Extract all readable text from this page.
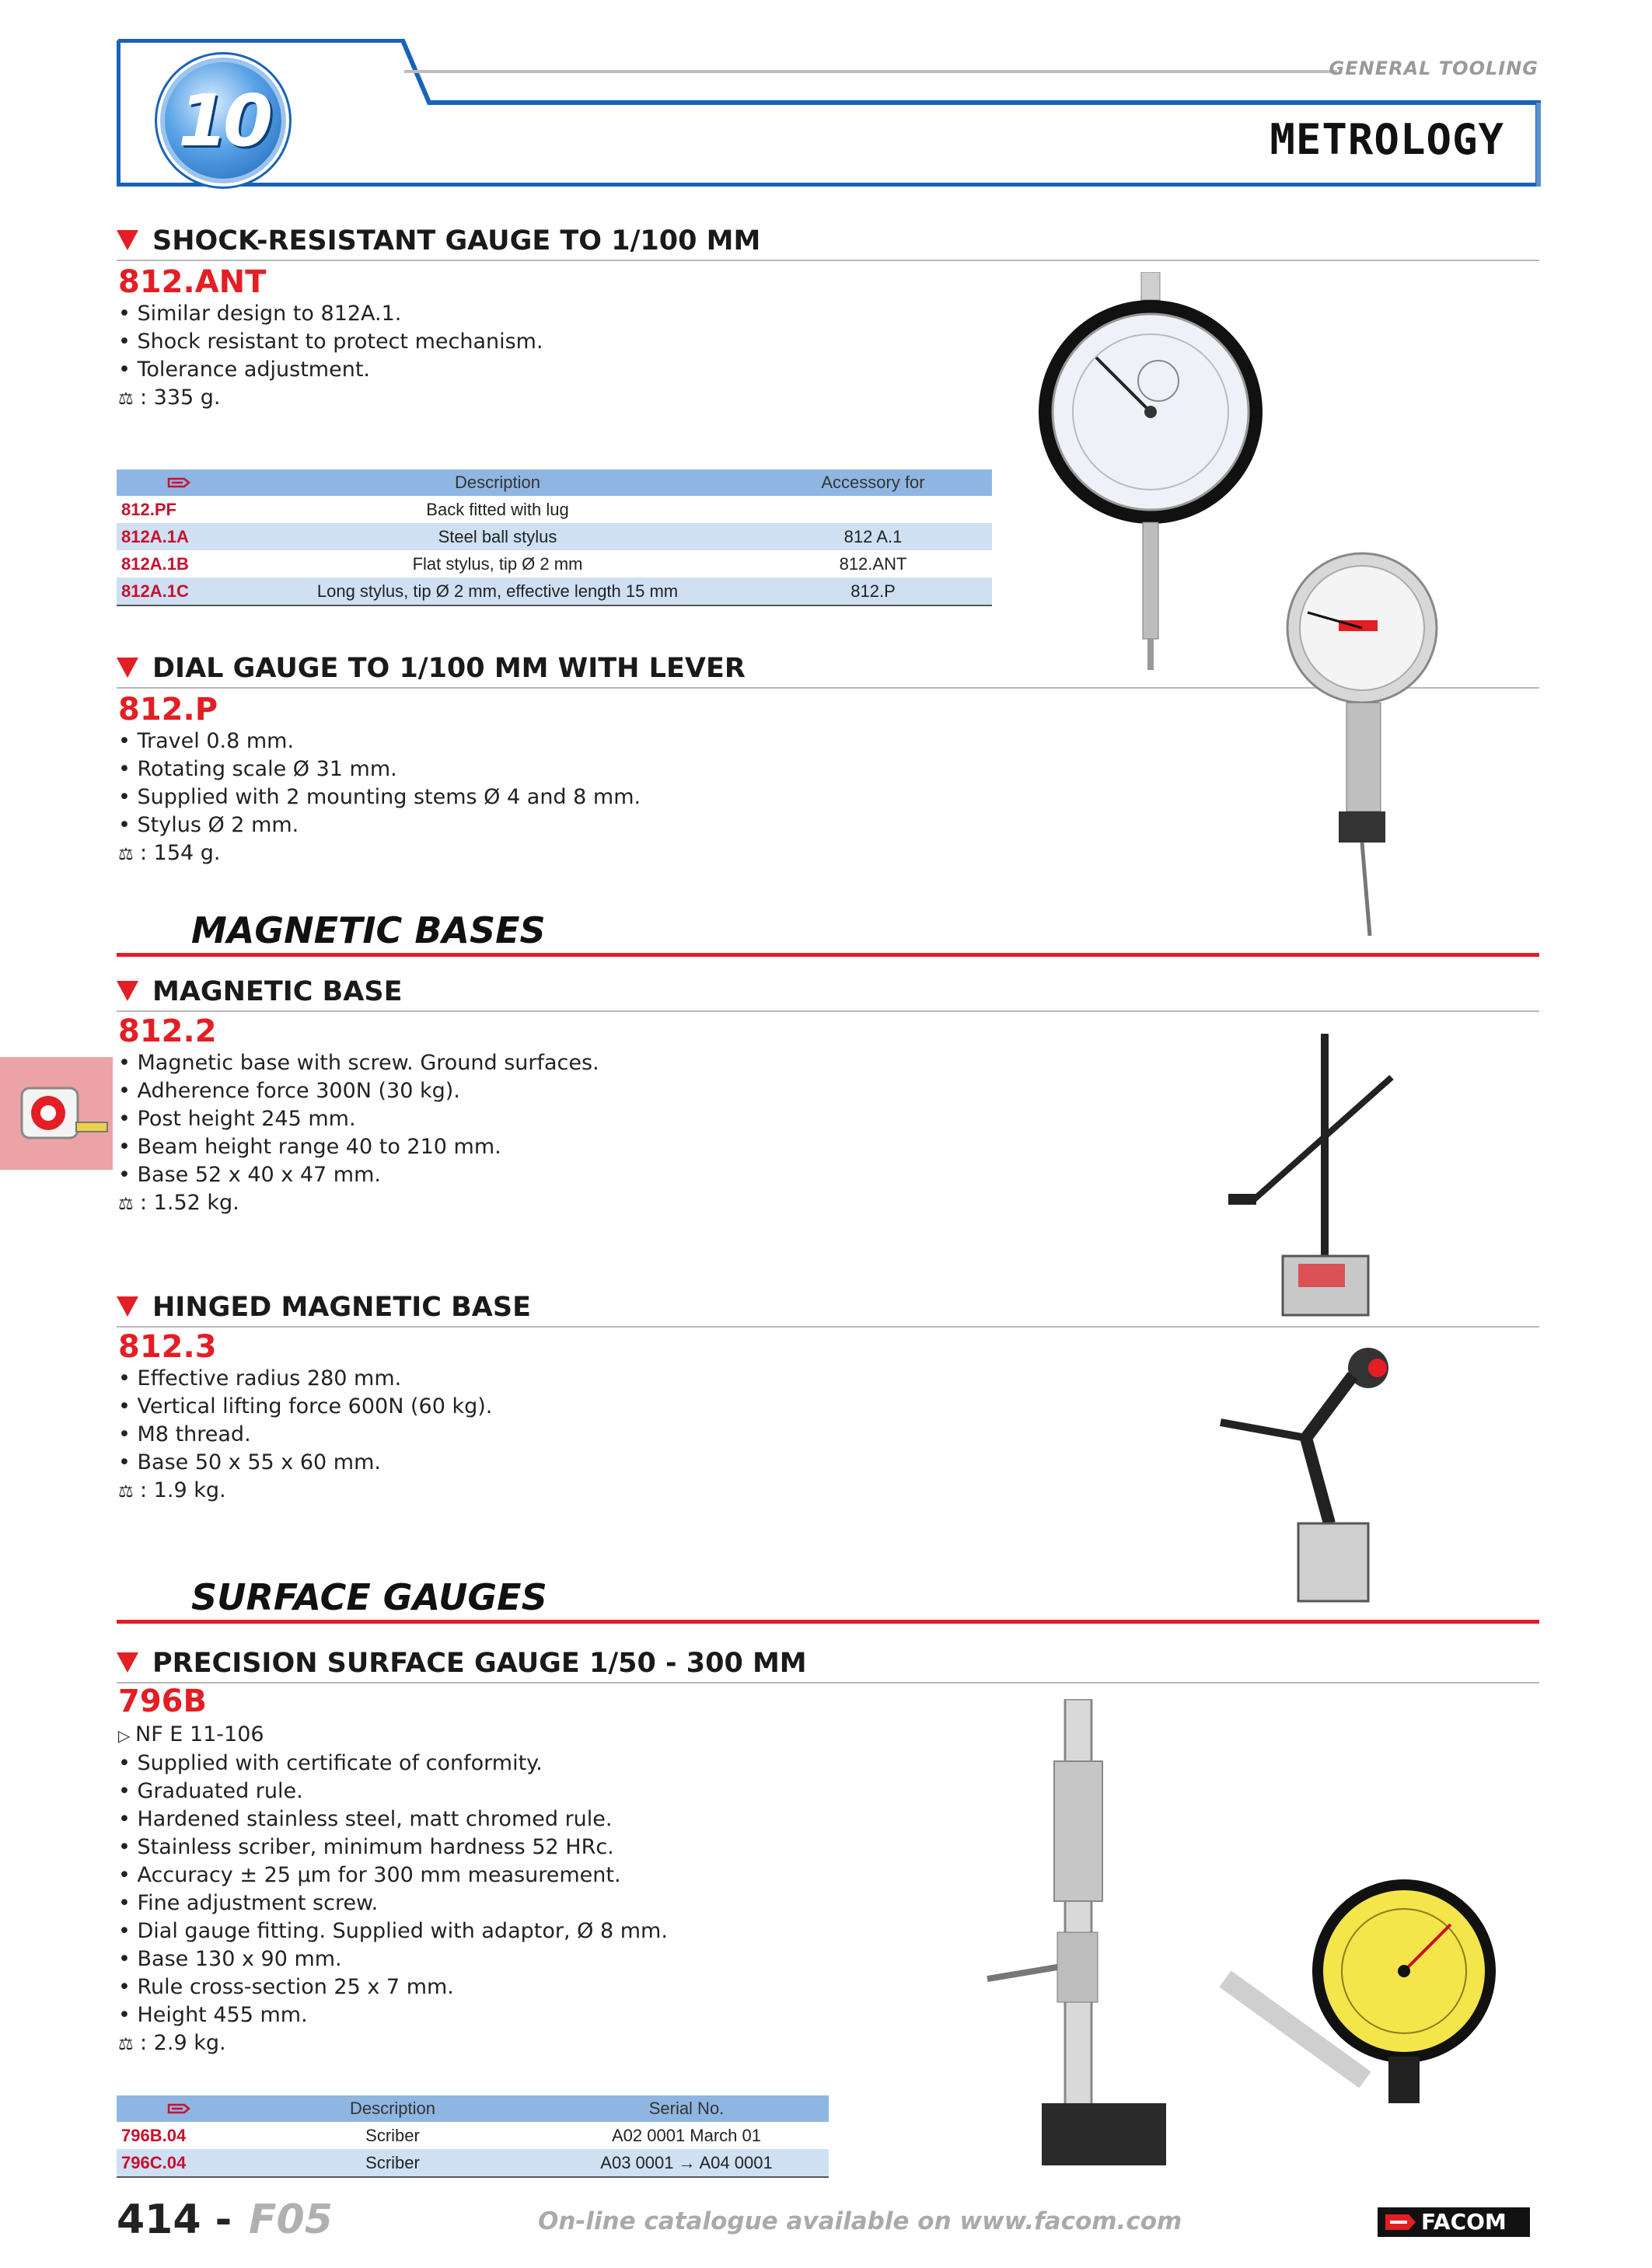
10
GENERAL TOOLING
METROLOGY
SHOCK-RESISTANT GAUGE TO 1/100 MM
812.ANT
• Similar design to 812A.1.
• Shock resistant to protect mechanism.
• Tolerance adjustment.
⚖ : 335 g.
	Description	Accessory for
812.PF	Back fitted with lug	
812A.1A	Steel ball stylus	812 A.1
812A.1B	Flat stylus, tip Ø 2 mm	812.ANT
812A.1C	Long stylus, tip Ø 2 mm, effective length 15 mm	812.P
DIAL GAUGE TO 1/100 MM WITH LEVER
812.P
• Travel 0.8 mm.
• Rotating scale Ø 31 mm.
• Supplied with 2 mounting stems Ø 4 and 8 mm.
• Stylus Ø 2 mm.
⚖ : 154 g.
MAGNETIC BASES
MAGNETIC BASE
812.2
• Magnetic base with screw. Ground surfaces.
• Adherence force 300N (30 kg).
• Post height 245 mm.
• Beam height range 40 to 210 mm.
• Base 52 x 40 x 47 mm.
⚖ : 1.52 kg.
HINGED MAGNETIC BASE
812.3
• Effective radius 280 mm.
• Vertical lifting force 600N (60 kg).
• M8 thread.
• Base 50 x 55 x 60 mm.
⚖ : 1.9 kg.
SURFACE GAUGES
PRECISION SURFACE GAUGE 1/50 - 300 MM
796B
▷ NF E 11-106
• Supplied with certificate of conformity.
• Graduated rule.
• Hardened stainless steel, matt chromed rule.
• Stainless scriber, minimum hardness 52 HRc.
• Accuracy ± 25 µm for 300 mm measurement.
• Fine adjustment screw.
• Dial gauge fitting. Supplied with adaptor, Ø 8 mm.
• Base 130 x 90 mm.
• Rule cross-section 25 x 7 mm.
• Height 455 mm.
⚖ : 2.9 kg.
	Description	Serial No.
796B.04	Scriber	A02 0001 March 01
796C.04	Scriber	A03 0001 → A04 0001
414 - F05	On-line catalogue available on www.facom.com	FACOM
